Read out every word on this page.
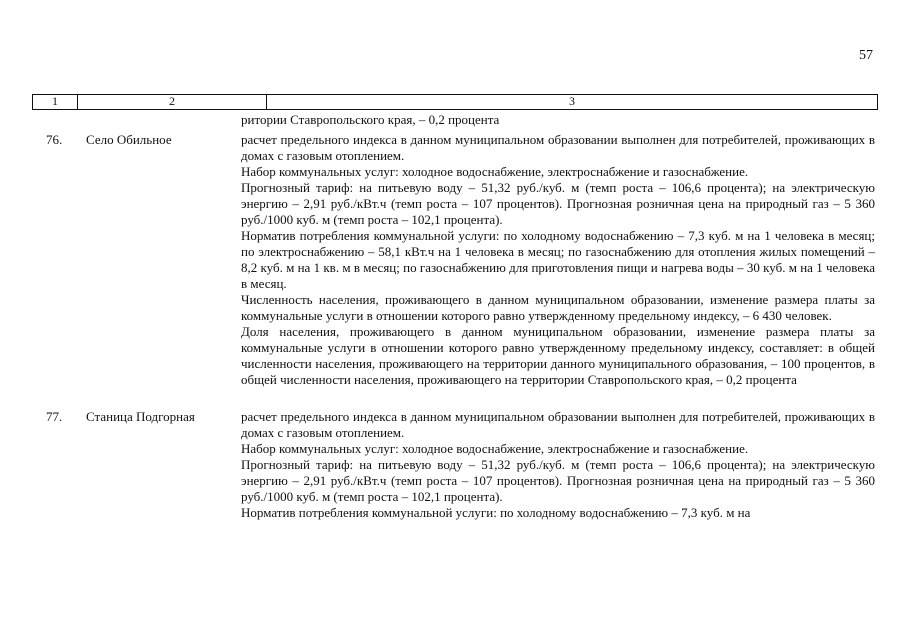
57
1	2	3

ритории Ставропольского края, – 0,2 процента

76. Село Обильное	расчет предельного индекса в данном муниципальном образовании выполнен для потребителей, проживающих в домах с газовым отоплением.

Набор коммунальных услуг: холодное водоснабжение, электроснабжение и газоснабжение.

Прогнозный тариф: на питьевую воду – 51,32 руб./куб. м (темп роста – 106,6 процента); на электрическую энергию – 2,91 руб./кВт.ч (темп роста – 107 процентов). Прогнозная розничная цена на природный газ – 5 360 руб./1000 куб. м (темп роста – 102,1 процента).

Норматив потребления коммунальной услуги: по холодному водоснабжению – 7,3 куб. м на 1 человека в месяц; по электроснабжению – 58,1 кВт.ч на 1 человека в месяц; по газоснабжению для отопления жилых помещений – 8,2 куб. м на 1 кв. м в месяц; по газоснабжению для приготовления пищи и нагрева воды – 30 куб. м на 1 человека в месяц.

Численность населения, проживающего в данном муниципальном образовании, изменение размера платы за коммунальные услуги в отношении которого равно утвержденному предельному индексу, – 6 430 человек.

Доля населения, проживающего в данном муниципальном образовании, изменение размера платы за коммунальные услуги в отношении которого равно утвержденному предельному индексу, составляет: в общей численности населения, проживающего на территории данного муниципального образования, – 100 процентов, в общей численности населения, проживающего на территории Ставропольского края, – 0,2 процента

77. Станица Подгорная	расчет предельного индекса в данном муниципальном образовании выполнен для потребителей, проживающих в домах с газовым отоплением.

Набор коммунальных услуг: холодное водоснабжение, электроснабжение и газоснабжение.

Прогнозный тариф: на питьевую воду – 51,32 руб./куб. м (темп роста – 106,6 процента); на электрическую энергию – 2,91 руб./кВт.ч (темп роста – 107 процентов). Прогнозная розничная цена на природный газ – 5 360 руб./1000 куб. м (темп роста – 102,1 процента).

Норматив потребления коммунальной услуги: по холодному водоснабжению – 7,3 куб. м на
